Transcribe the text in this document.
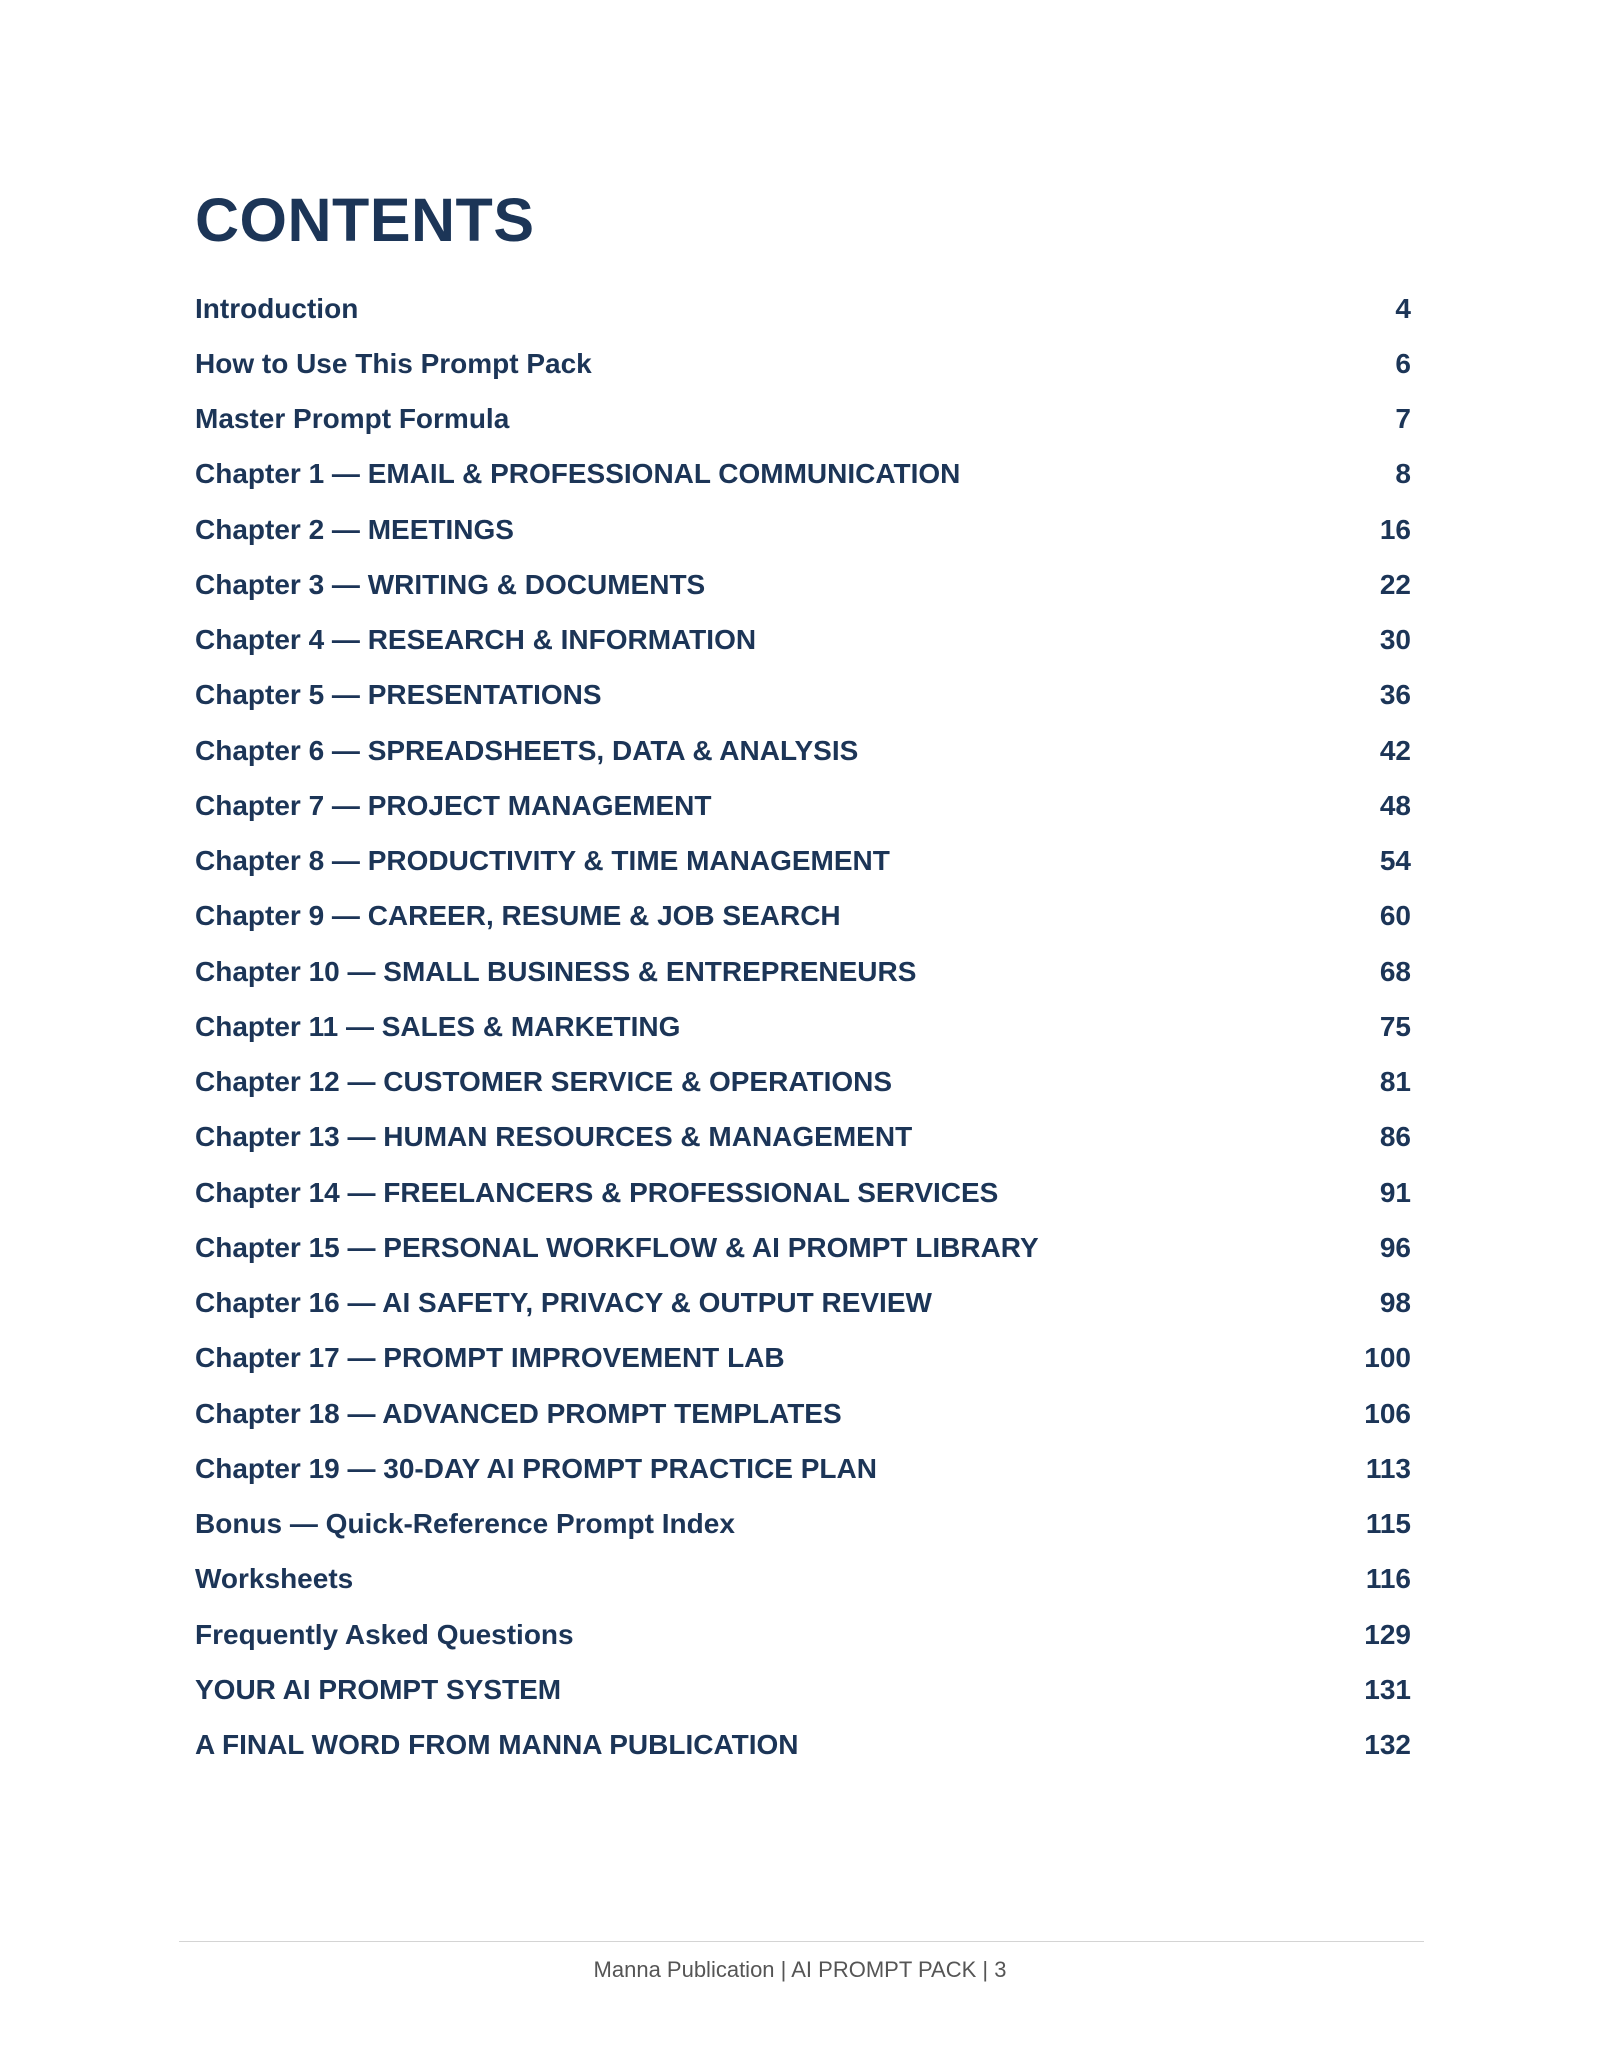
CONTENTS
Introduction	4
How to Use This Prompt Pack	6
Master Prompt Formula	7
Chapter 1 — EMAIL & PROFESSIONAL COMMUNICATION	8
Chapter 2 — MEETINGS	16
Chapter 3 — WRITING & DOCUMENTS	22
Chapter 4 — RESEARCH & INFORMATION	30
Chapter 5 — PRESENTATIONS	36
Chapter 6 — SPREADSHEETS, DATA & ANALYSIS	42
Chapter 7 — PROJECT MANAGEMENT	48
Chapter 8 — PRODUCTIVITY & TIME MANAGEMENT	54
Chapter 9 — CAREER, RESUME & JOB SEARCH	60
Chapter 10 — SMALL BUSINESS & ENTREPRENEURS	68
Chapter 11 — SALES & MARKETING	75
Chapter 12 — CUSTOMER SERVICE & OPERATIONS	81
Chapter 13 — HUMAN RESOURCES & MANAGEMENT	86
Chapter 14 — FREELANCERS & PROFESSIONAL SERVICES	91
Chapter 15 — PERSONAL WORKFLOW & AI PROMPT LIBRARY	96
Chapter 16 — AI SAFETY, PRIVACY & OUTPUT REVIEW	98
Chapter 17 — PROMPT IMPROVEMENT LAB	100
Chapter 18 — ADVANCED PROMPT TEMPLATES	106
Chapter 19 — 30-DAY AI PROMPT PRACTICE PLAN	113
Bonus — Quick-Reference Prompt Index	115
Worksheets	116
Frequently Asked Questions	129
YOUR AI PROMPT SYSTEM	131
A FINAL WORD FROM MANNA PUBLICATION	132
Manna Publication | AI PROMPT PACK | 3
